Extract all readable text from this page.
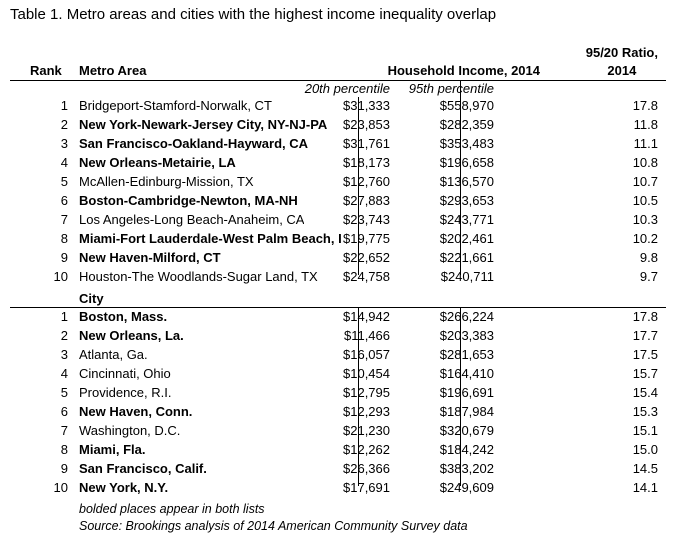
Table 1. Metro areas and cities with the highest income inequality overlap
Rank Metro Area	Household Income, 2014
95/20 Ratio,
2014
20th percentile 95th percentile
1 Bridgeport-Stamford-Norwalk, CT	$31,333	$558,970	17.8
2 New York-Newark-Jersey City, NY-NJ-PA $23,853	$282,359	11.8
3 San Francisco-Oakland-Hayward, CA	$31,761	$353,483	11.1
4 New Orleans-Metairie, LA	$18,173	$196,658	10.8
5 McAllen-Edinburg-Mission, TX	$12,760	$136,570	10.7
6 Boston-Cambridge-Newton, MA-NH	$27,883	$293,653	10.5
7 Los Angeles-Long Beach-Anaheim, CA	$23,743	$243,771	10.3
8 Miami-Fort Lauderdale-West Palm Beach, I $19,775	$202,461	10.2
9 New Haven-Milford, CT	$22,652	$221,661	9.8
10 Houston-The Woodlands-Sugar Land, TX $24,758	$240,711	9.7
City
1 Boston, Mass.	$14,942	$266,224	17.8
2 New Orleans, La.	$11,466	$203,383	17.7
3 Atlanta, Ga.	$16,057	$281,653	17.5
4 Cincinnati, Ohio	$10,454	$164,410	15.7
5 Providence, R.I.	$12,795	$196,691	15.4
6 New Haven, Conn.	$12,293	$187,984	15.3
7 Washington, D.C.	$21,230	$320,679	15.1
8 Miami, Fla.	$12,262	$184,242	15.0
9 San Francisco, Calif.	$26,366	$383,202	14.5
10 New York, N.Y.	$17,691	$249,609	14.1
bolded places appear in both lists
Source: Brookings analysis of 2014 American Community Survey data
